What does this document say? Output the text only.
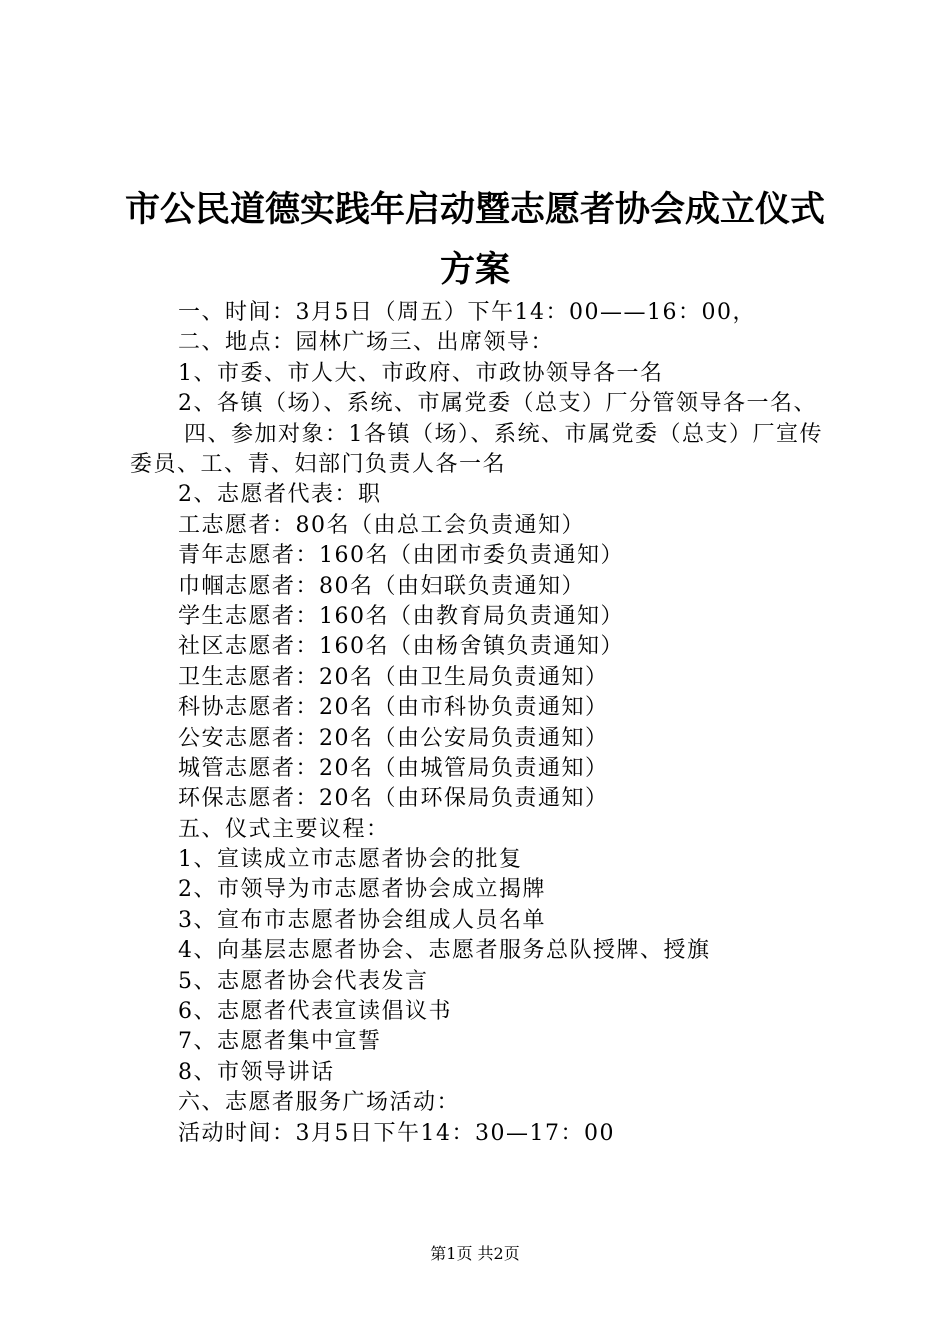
市公民道德实践年启动暨志愿者协会成立仪式
方案
一、时间：3月5日（周五）下午14：00——16：00，
二、地点：园林广场三、出席领导：
1、市委、市人大、市政府、市政协领导各一名
2、各镇（场）、系统、市属党委（总支）厂分管领导各一名、
四、参加对象：1各镇（场）、系统、市属党委（总支）厂宣传委员、工、青、妇部门负责人各一名
2、志愿者代表：职
工志愿者：80名（由总工会负责通知）
青年志愿者：160名（由团市委负责通知）
巾帼志愿者：80名（由妇联负责通知）
学生志愿者：160名（由教育局负责通知）
社区志愿者：160名（由杨舍镇负责通知）
卫生志愿者：20名（由卫生局负责通知）
科协志愿者：20名（由市科协负责通知）
公安志愿者：20名（由公安局负责通知）
城管志愿者：20名（由城管局负责通知）
环保志愿者：20名（由环保局负责通知）
五、仪式主要议程：
1、宣读成立市志愿者协会的批复
2、市领导为市志愿者协会成立揭牌
3、宣布市志愿者协会组成人员名单
4、向基层志愿者协会、志愿者服务总队授牌、授旗
5、志愿者协会代表发言
6、志愿者代表宣读倡议书
7、志愿者集中宣誓
8、市领导讲话
六、志愿者服务广场活动：
活动时间：3月5日下午14：30—17：00
第1页 共2页
